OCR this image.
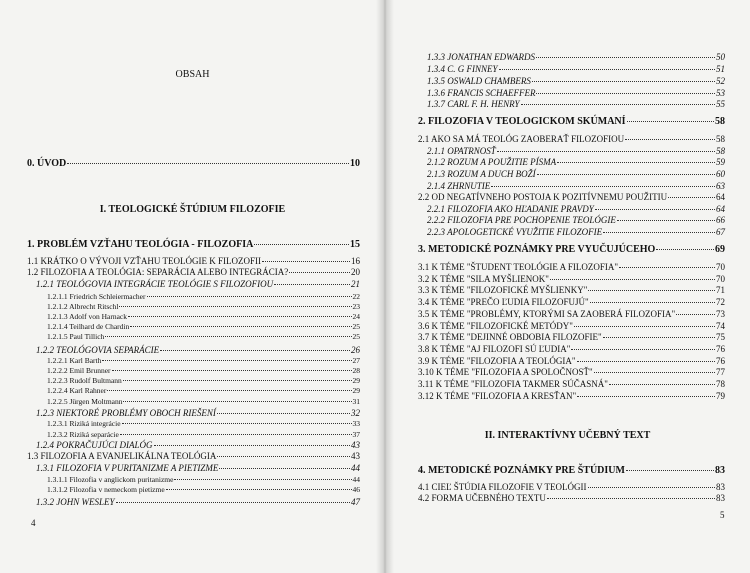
OBSAH
I. TEOLOGICKÉ ŠTÚDIUM FILOZOFIE
0. ÚVOD	10
1. PROBLÉM VZŤAHU TEOLÓGIA - FILOZOFIA	15
1.1 KRÁTKO O VÝVOJI VZŤAHU TEOLÓGIE K FILOZOFII	16
1.2 FILOZOFIA A TEOLÓGIA: SEPARÁCIA ALEBO INTEGRÁCIA?	20
1.2.1 TEOLÓGOVIA INTEGRÁCIE TEOLÓGIE S FILOZOFIOU	21
1.2.1.1 Friedrich Schleiermacher	22
1.2.1.2 Albrecht Ritschl	23
1.2.1.3 Adolf von Harnack	24
1.2.1.4 Teilhard de Chardin	25
1.2.1.5 Paul Tillich	25
1.2.2 TEOLÓGOVIA SEPARÁCIE	26
1.2.2.1 Karl Barth	27
1.2.2.2 Emil Brunner	28
1.2.2.3 Rudolf Bultmann	29
1.2.2.4 Karl Rahner	29
1.2.2.5 Jürgen Moltmann	31
1.2.3 NIEKTORÉ PROBLÉMY OBOCH RIEŠENÍ	32
1.2.3.1 Riziká integrácie	33
1.2.3.2 Riziká separácie	37
1.2.4 POKRAČUJÚCI DIALÓG	43
1.3 FILOZOFIA A EVANJELIKÁLNA TEOLÓGIA	43
1.3.1 FILOZOFIA V PURITANIZME A PIETIZME	44
1.3.1.1 Filozofia v anglickom puritanizme	44
1.3.1.2 Filozofia v nemeckom pietizme	46
1.3.2 JOHN WESLEY	47
4
II. INTERAKTÍVNY UČEBNÝ TEXT
1.3.3 JONATHAN EDWARDS	50
1.3.4 C. G FINNEY	51
1.3.5 OSWALD CHAMBERS	52
1.3.6 FRANCIS SCHAEFFER	53
1.3.7 CARL F. H. HENRY	55
2. FILOZOFIA V TEOLOGICKOM SKÚMANÍ	58
2.1 AKO SA MÁ TEOLÓG ZAOBERAŤ FILOZOFIOU	58
2.1.1 OPATRNOSŤ	58
2.1.2 ROZUM A POUŽITIE PÍSMA	59
2.1.3 ROZUM A DUCH BOŽÍ	60
2.1.4 ZHRNUTIE	63
2.2 OD NEGATÍVNEHO POSTOJA K POZITÍVNEMU POUŽITIU	64
2.2.1 FILOZOFIA AKO HĽADANIE PRAVDY	64
2.2.2 FILOZOFIA PRE POCHOPENIE TEOLÓGIE	66
2.2.3 APOLOGETICKÉ VYUŽITIE FILOZOFIE	67
3. METODICKÉ POZNÁMKY PRE VYUČUJÚCEHO	69
3.1 K TÉME "ŠTUDENT TEOLÓGIE A FILOZOFIA"	70
3.2 K TÉME "SILA MYŠLIENOK"	70
3.3 K TÉME "FILOZOFICKÉ MYŠLIENKY"	71
3.4 K TÉME "PREČO ĽUDIA FILOZOFUJÚ"	72
3.5 K TÉME "PROBLÉMY, KTORÝMI SA ZAOBERÁ FILOZOFIA"	73
3.6 K TÉME "FILOZOFICKÉ METÓDY"	74
3.7 K TÉME "DEJINNÉ OBDOBIA FILOZOFIE"	75
3.8 K TÉME "AJ FILOZOFI SÚ ĽUDIA"	76
3.9 K TÉME "FILOZOFIA A TEOLÓGIA"	76
3.10 K TÉME "FILOZOFIA A SPOLOČNOSŤ"	77
3.11 K TÉME "FILOZOFIA TAKMER SÚČASNÁ"	78
3.12 K TÉME "FILOZOFIA A KRESŤAN"	79
4. METODICKÉ POZNÁMKY PRE ŠTÚDIUM	83
4.1 CIEĽ ŠTÚDIA FILOZOFIE V TEOLÓGII	83
4.2 FORMA UČEBNÉHO TEXTU	83
5
